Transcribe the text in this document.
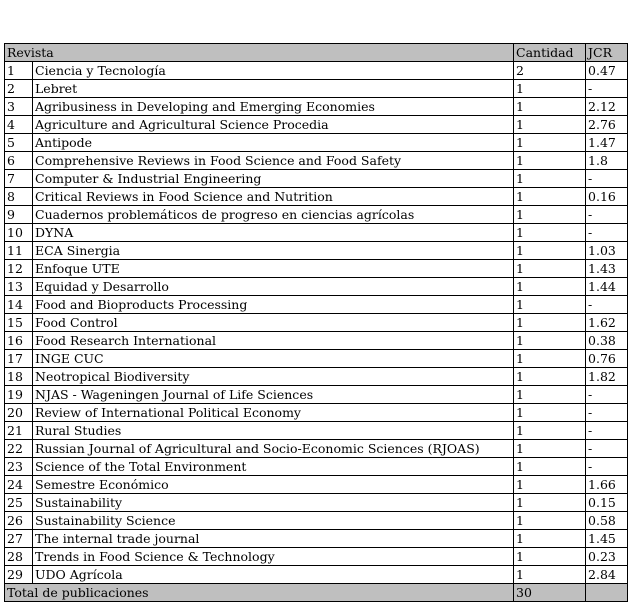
Revista		Cantidad	JCR
1	Ciencia y Tecnología	2	0.47
2	Lebret	1	-
3	Agribusiness in Developing and Emerging Economies	1	2.12
4	Agriculture and Agricultural Science Procedia	1	2.76
5	Antipode	1	1.47
6	Comprehensive Reviews in Food Science and Food Safety	1	1.8
7	Computer & Industrial Engineering	1	-
8	Critical Reviews in Food Science and Nutrition	1	0.16
9	Cuadernos problemáticos de progreso en ciencias agrícolas	1	-
10	DYNA	1	-
11	ECA Sinergia	1	1.03
12	Enfoque UTE	1	1.43
13	Equidad y Desarrollo	1	1.44
14	Food and Bioproducts Processing	1	-
15	Food Control	1	1.62
16	Food Research International	1	0.38
17	INGE CUC	1	0.76
18	Neotropical Biodiversity	1	1.82
19	NJAS - Wageningen Journal of Life Sciences	1	-
20	Review of International Political Economy	1	-
21	Rural Studies	1	-
22	Russian Journal of Agricultural and Socio-Economic Sciences (RJOAS)	1	-
23	Science of the Total Environment	1	-
24	Semestre Económico	1	1.66
25	Sustainability	1	0.15
26	Sustainability Science	1	0.58
27	The internal trade journal	1	1.45
28	Trends in Food Science & Technology	1	0.23
29	UDO Agrícola	1	2.84
Total de publicaciones		30	
